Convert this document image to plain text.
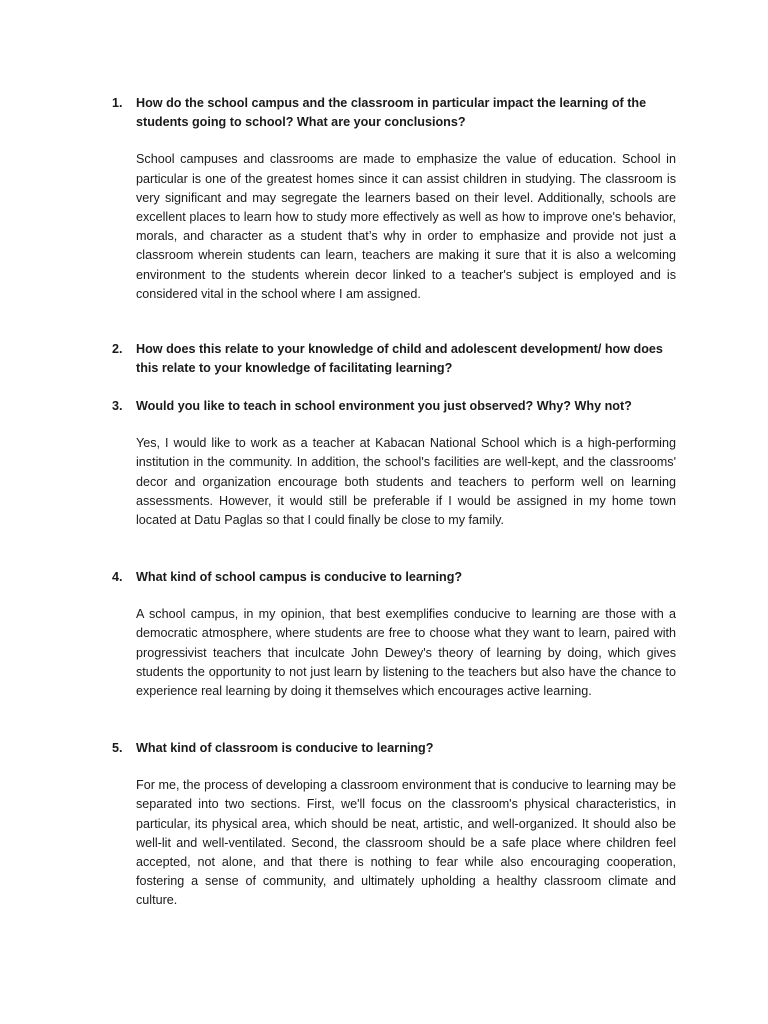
1. How do the school campus and the classroom in particular impact the learning of the students going to school? What are your conclusions?
School campuses and classrooms are made to emphasize the value of education. School in particular is one of the greatest homes since it can assist children in studying. The classroom is very significant and may segregate the learners based on their level. Additionally, schools are excellent places to learn how to study more effectively as well as how to improve one's behavior, morals, and character as a student that’s why in order to emphasize and provide not just a classroom wherein students can learn, teachers are making it sure that it is also a welcoming environment to the students wherein decor linked to a teacher's subject is employed and is considered vital in the school where I am assigned.
2. How does this relate to your knowledge of child and adolescent development/ how does this relate to your knowledge of facilitating learning?
3. Would you like to teach in school environment you just observed? Why? Why not?
Yes, I would like to work as a teacher at Kabacan National School which is a high-performing institution in the community. In addition, the school's facilities are well-kept, and the classrooms' decor and organization encourage both students and teachers to perform well on learning assessments. However, it would still be preferable if I would be assigned in my home town located at Datu Paglas so that I could finally be close to my family.
4. What kind of school campus is conducive to learning?
A school campus, in my opinion, that best exemplifies conducive to learning are those with a democratic atmosphere, where students are free to choose what they want to learn, paired with progressivist teachers that inculcate John Dewey's theory of learning by doing, which gives students the opportunity to not just learn by listening to the teachers but also have the chance to experience real learning by doing it themselves which encourages active learning.
5. What kind of classroom is conducive to learning?
For me, the process of developing a classroom environment that is conducive to learning may be separated into two sections. First, we'll focus on the classroom's physical characteristics, in particular, its physical area, which should be neat, artistic, and well-organized. It should also be well-lit and well-ventilated. Second, the classroom should be a safe place where children feel accepted, not alone, and that there is nothing to fear while also encouraging cooperation, fostering a sense of community, and ultimately upholding a healthy classroom climate and culture.
